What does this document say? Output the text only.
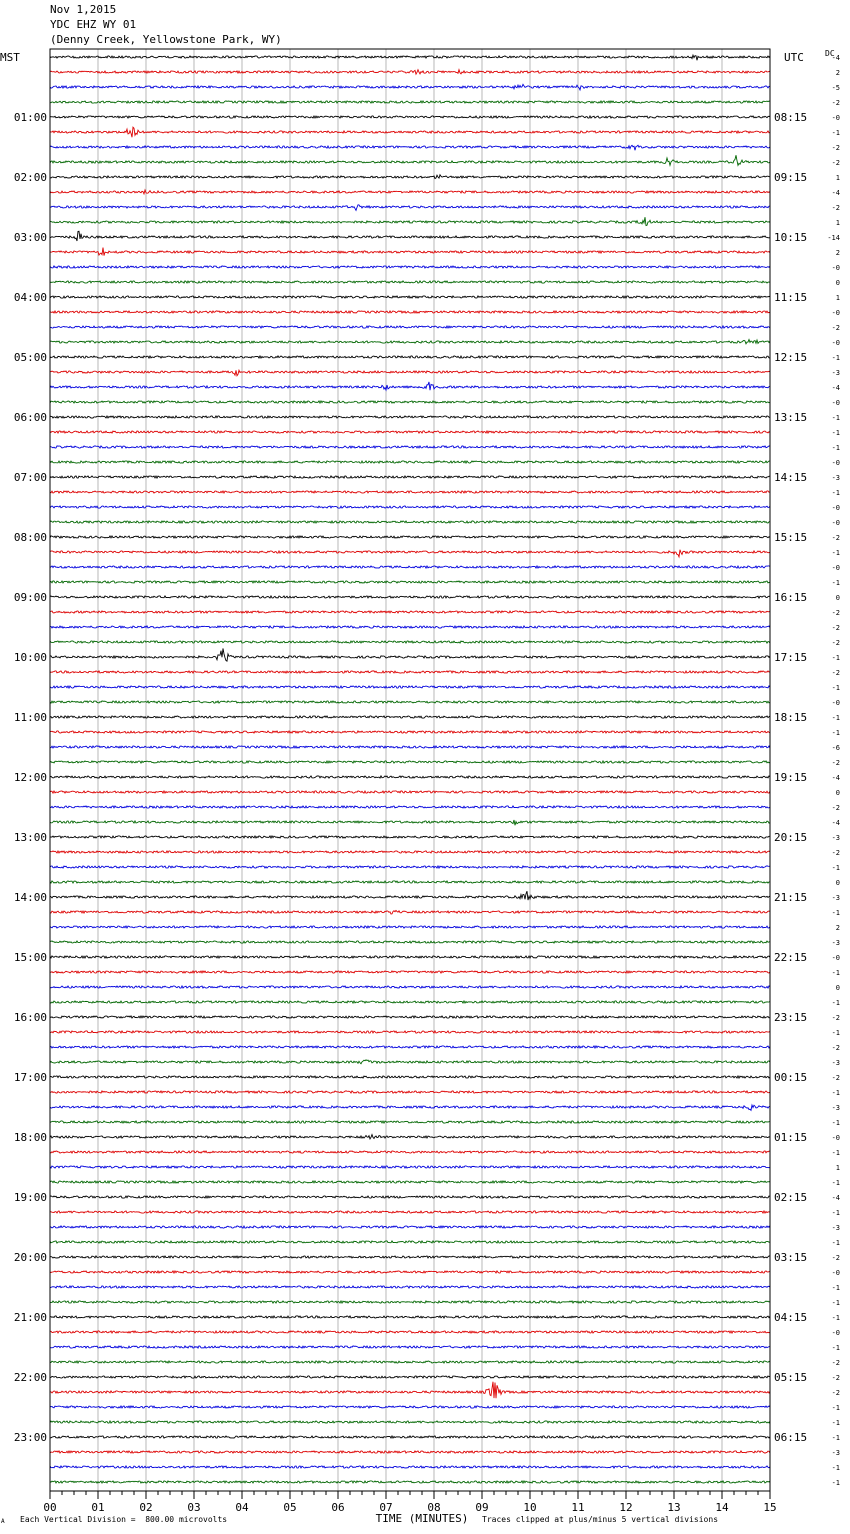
Nov 1,2015
YDC EHZ WY 01
(Denny Creek, Yellowstone Park, WY)
-4
2
-5
-2
-0
-1
-2
-2
1
-4
-2
1
-14
2
-0
0
1
-0
-2
-0
-1
-3
-4
-0
-1
-1
-1
-0
-3
-1
-0
-0
-2
-1
-0
-1
0
-2
-2
-2
-1
-2
-1
-0
-1
-1
-6
-2
-4
0
-2
-4
-3
-2
-1
0
-3
-1
2
-3
-0
-1
0
-1
-2
-1
-2
-3
-2
-1
-3
-1
-0
-1
1
-1
-4
-1
-3
-1
-2
-0
-1
-1
-1
-0
-1
-2
-2
-2
-1
-1
-1
-3
-1
-1
01:00	08:15
02:00	09:15
03:00	10:15
04:00	11:15
05:00	12:15
06:00	13:15
07:00	14:15
08:00	15:15
09:00	16:15
10:00	17:15
11:00	18:15
12:00	19:15
13:00	20:15
14:00	21:15
15:00	22:15
16:00	23:15
17:00	00:15
18:00	01:15
19:00	02:15
20:00	03:15
21:00	04:15
22:00	05:15
23:00	06:15
MST	UTC	DC
00	01	02	03	04	05	06	07	08	09	10	11	12	13	14	15
TIME (MINUTES)
A Each Vertical Division =  800.00 microvolts	Traces clipped at plus/minus 5 vertical divisions
